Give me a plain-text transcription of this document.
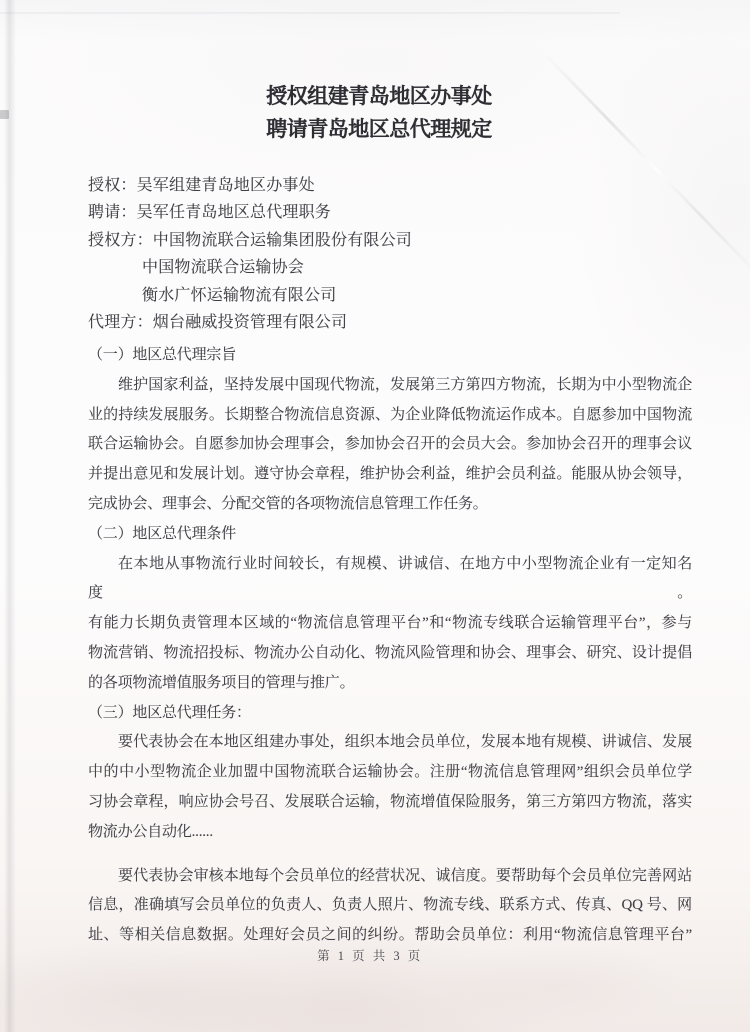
授权组建青岛地区办事处
聘请青岛地区总代理规定
授权：吴军组建青岛地区办事处
聘请：吴军任青岛地区总代理职务
授权方：中国物流联合运输集团股份有限公司
中国物流联合运输协会
衡水广怀运输物流有限公司
代理方：烟台融威投资管理有限公司
（一）地区总代理宗旨
维护国家利益，坚持发展中国现代物流，发展第三方第四方物流，长期为中小型物流企
业的持续发展服务。长期整合物流信息资源、为企业降低物流运作成本。自愿参加中国物流
联合运输协会。自愿参加协会理事会，参加协会召开的会员大会。参加协会召开的理事会议
并提出意见和发展计划。遵守协会章程，维护协会利益，维护会员利益。能服从协会领导，
完成协会、理事会、分配交管的各项物流信息管理工作任务。
（二）地区总代理条件
在本地从事物流行业时间较长，有规模、讲诚信、在地方中小型物流企业有一定知名度。
有能力长期负责管理本区域的“物流信息管理平台”和“物流专线联合运输管理平台”，参与
物流营销、物流招投标、物流办公自动化、物流风险管理和协会、理事会、研究、设计提倡
的各项物流增值服务项目的管理与推广。
（三）地区总代理任务：
要代表协会在本地区组建办事处，组织本地会员单位，发展本地有规模、讲诚信、发展
中的中小型物流企业加盟中国物流联合运输协会。注册“物流信息管理网”组织会员单位学
习协会章程，响应协会号召、发展联合运输，物流增值保险服务，第三方第四方物流，落实
物流办公自动化......
要代表协会审核本地每个会员单位的经营状况、诚信度。要帮助每个会员单位完善网站
信息，准确填写会员单位的负责人、负责人照片、物流专线、联系方式、传真、QQ 号、网
址、等相关信息数据。处理好会员之间的纠纷。帮助会员单位：利用“物流信息管理平台”
第 1 页 共 3 页
